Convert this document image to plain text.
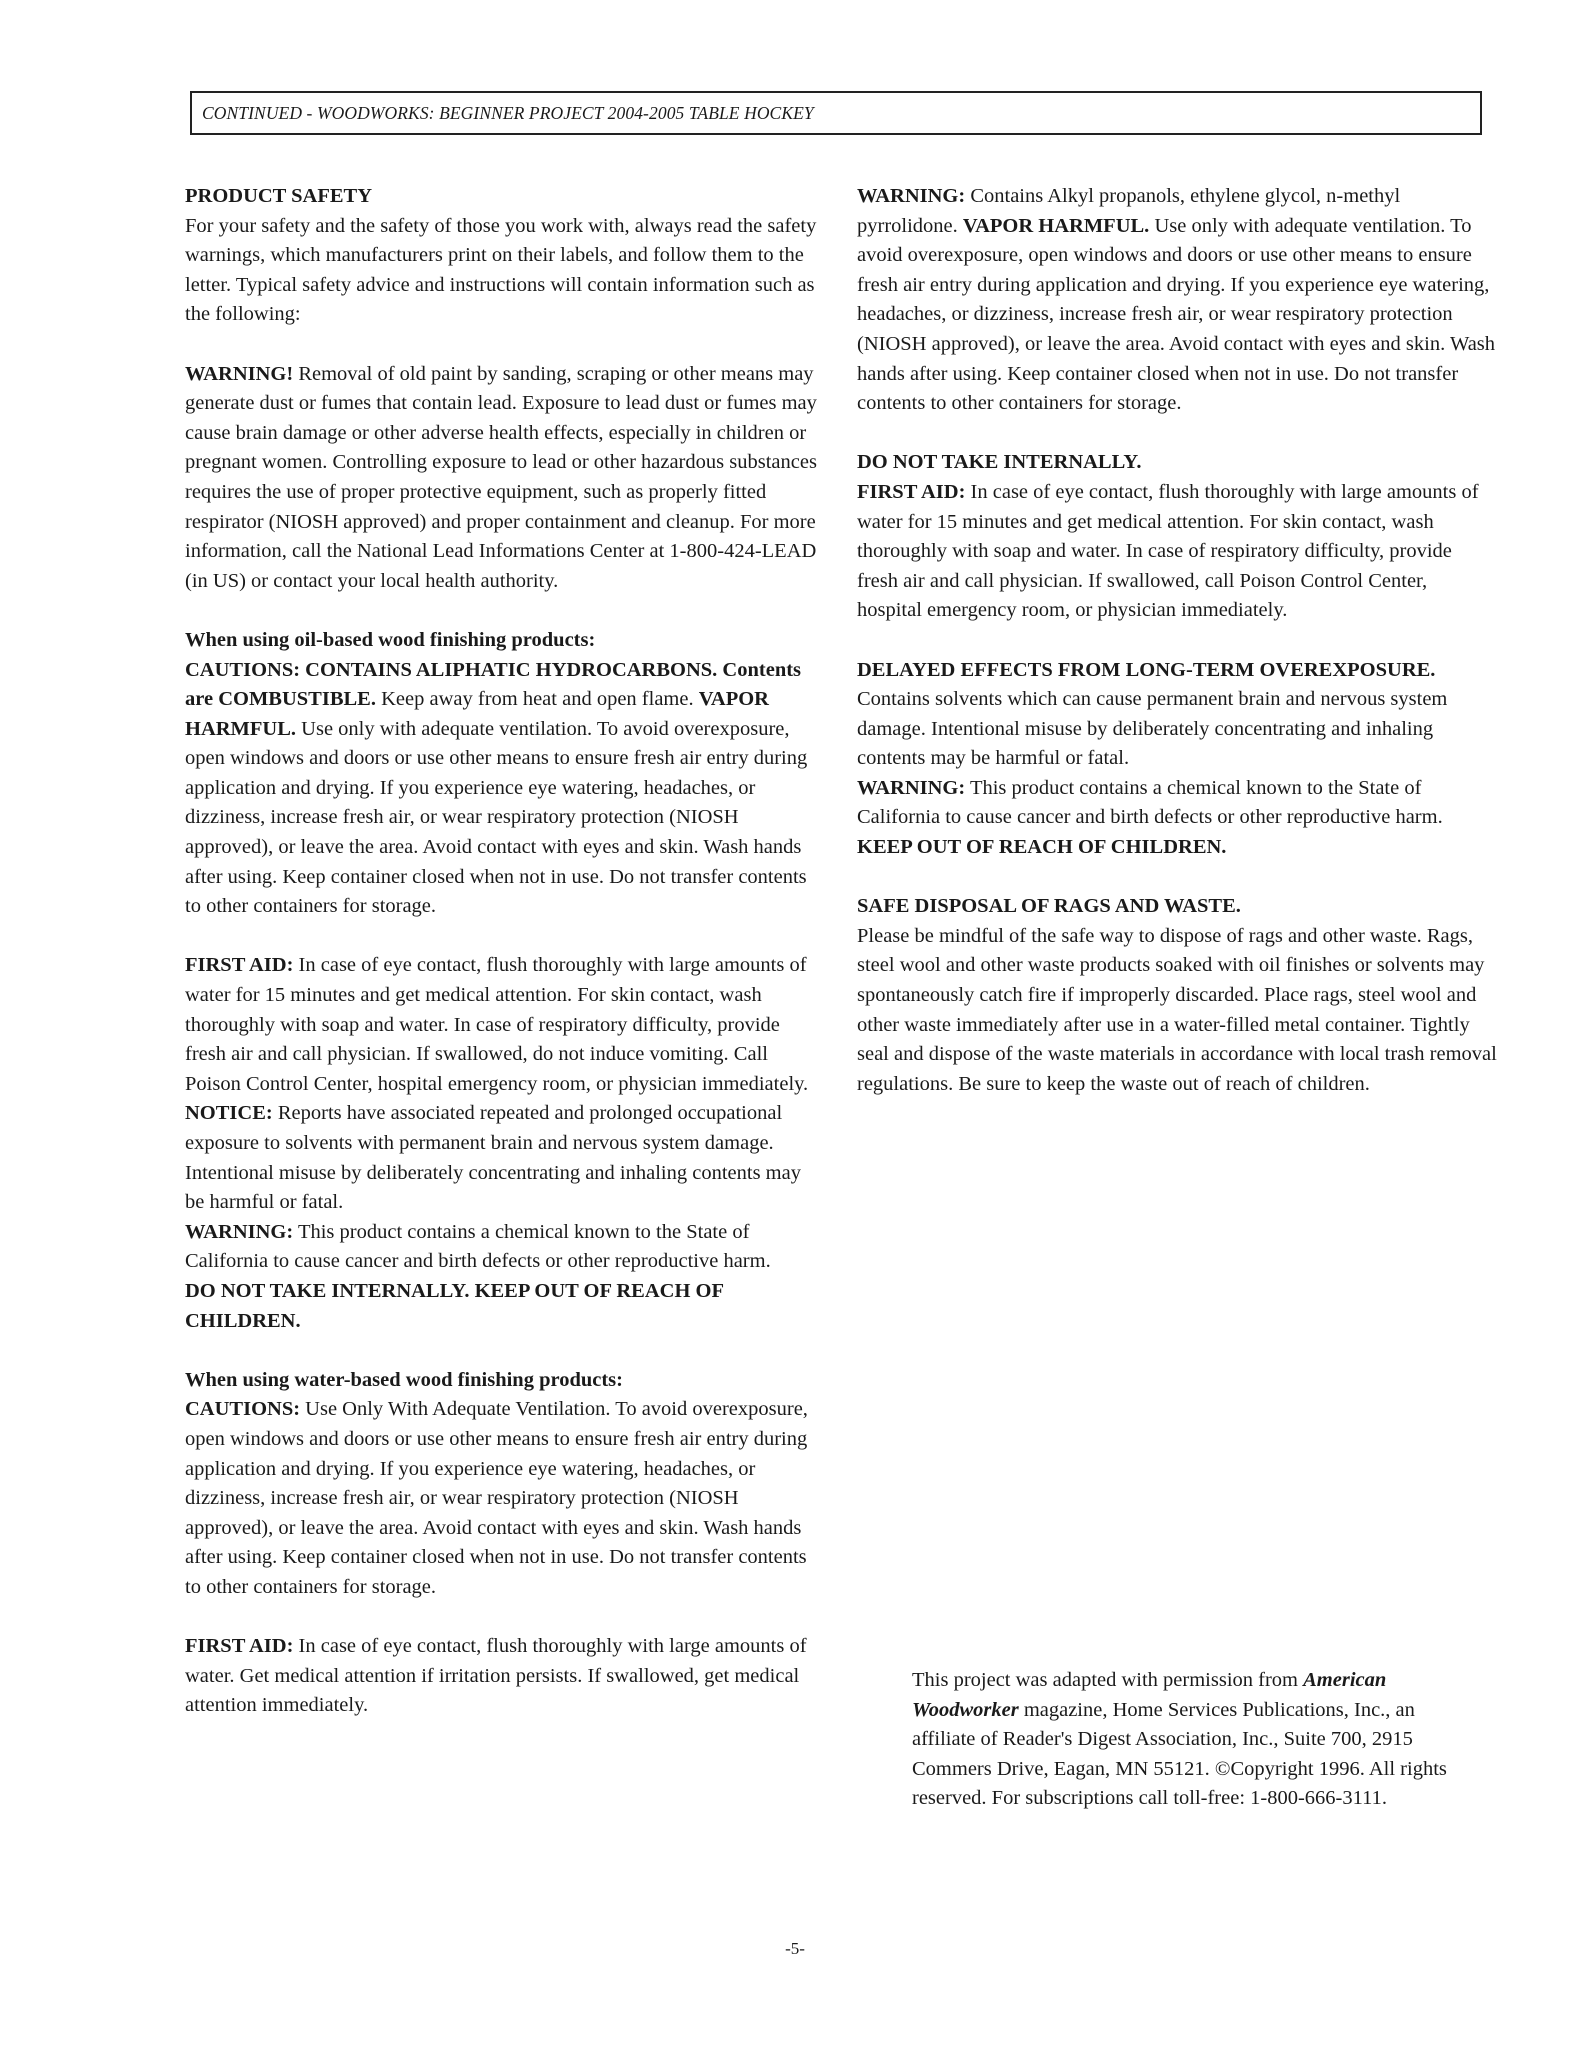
CONTINUED - WOODWORKS: BEGINNER PROJECT 2004-2005 TABLE HOCKEY

PRODUCT SAFETY
For your safety and the safety of those you work with, always read the safety warnings, which manufacturers print on their labels, and follow them to the letter. Typical safety advice and instructions will contain information such as the following:

WARNING! Removal of old paint by sanding, scraping or other means may generate dust or fumes that contain lead. Exposure to lead dust or fumes may cause brain damage or other adverse health effects, especially in children or pregnant women. Controlling exposure to lead or other hazardous substances requires the use of proper protective equipment, such as properly fitted respirator (NIOSH approved) and proper containment and cleanup. For more information, call the National Lead Informations Center at 1-800-424-LEAD (in US) or contact your local health authority.

When using oil-based wood finishing products:
CAUTIONS: CONTAINS ALIPHATIC HYDROCARBONS. Contents are COMBUSTIBLE. Keep away from heat and open flame. VAPOR HARMFUL. Use only with adequate ventilation. To avoid overexposure, open windows and doors or use other means to ensure fresh air entry during application and drying. If you experience eye watering, headaches, or dizziness, increase fresh air, or wear respiratory protection (NIOSH approved), or leave the area. Avoid contact with eyes and skin. Wash hands after using. Keep container closed when not in use. Do not transfer contents to other containers for storage.

FIRST AID: In case of eye contact, flush thoroughly with large amounts of water for 15 minutes and get medical attention. For skin contact, wash thoroughly with soap and water. In case of respiratory difficulty, provide fresh air and call physician. If swallowed, do not induce vomiting. Call Poison Control Center, hospital emergency room, or physician immediately.
NOTICE: Reports have associated repeated and prolonged occupational exposure to solvents with permanent brain and nervous system damage. Intentional misuse by deliberately concentrating and inhaling contents may be harmful or fatal.
WARNING: This product contains a chemical known to the State of California to cause cancer and birth defects or other reproductive harm.
DO NOT TAKE INTERNALLY. KEEP OUT OF REACH OF CHILDREN.

When using water-based wood finishing products:
CAUTIONS: Use Only With Adequate Ventilation. To avoid overexposure, open windows and doors or use other means to ensure fresh air entry during application and drying. If you experience eye watering, headaches, or dizziness, increase fresh air, or wear respiratory protection (NIOSH approved), or leave the area. Avoid contact with eyes and skin. Wash hands after using. Keep container closed when not in use. Do not transfer contents to other containers for storage.

FIRST AID: In case of eye contact, flush thoroughly with large amounts of water. Get medical attention if irritation persists. If swallowed, get medical attention immediately.

WARNING: Contains Alkyl propanols, ethylene glycol, n-methyl pyrrolidone. VAPOR HARMFUL. Use only with adequate ventilation. To avoid overexposure, open windows and doors or use other means to ensure fresh air entry during application and drying. If you experience eye watering, headaches, or dizziness, increase fresh air, or wear respiratory protection (NIOSH approved), or leave the area. Avoid contact with eyes and skin. Wash hands after using. Keep container closed when not in use. Do not transfer contents to other containers for storage.

DO NOT TAKE INTERNALLY.
FIRST AID: In case of eye contact, flush thoroughly with large amounts of water for 15 minutes and get medical attention. For skin contact, wash thoroughly with soap and water. In case of respiratory difficulty, provide fresh air and call physician. If swallowed, call Poison Control Center, hospital emergency room, or physician immediately.

DELAYED EFFECTS FROM LONG-TERM OVEREXPOSURE.
Contains solvents which can cause permanent brain and nervous system damage. Intentional misuse by deliberately concentrating and inhaling contents may be harmful or fatal.
WARNING: This product contains a chemical known to the State of California to cause cancer and birth defects or other reproductive harm.
KEEP OUT OF REACH OF CHILDREN.

SAFE DISPOSAL OF RAGS AND WASTE.
Please be mindful of the safe way to dispose of rags and other waste. Rags, steel wool and other waste products soaked with oil finishes or solvents may spontaneously catch fire if improperly discarded. Place rags, steel wool and other waste immediately after use in a water-filled metal container. Tightly seal and dispose of the waste materials in accordance with local trash removal regulations. Be sure to keep the waste out of reach of children.

This project was adapted with permission from American Woodworker magazine, Home Services Publications, Inc., an affiliate of Reader's Digest Association, Inc., Suite 700, 2915 Commers Drive, Eagan, MN 55121. ©Copyright 1996. All rights reserved. For subscriptions call toll-free: 1-800-666-3111.
-5-
